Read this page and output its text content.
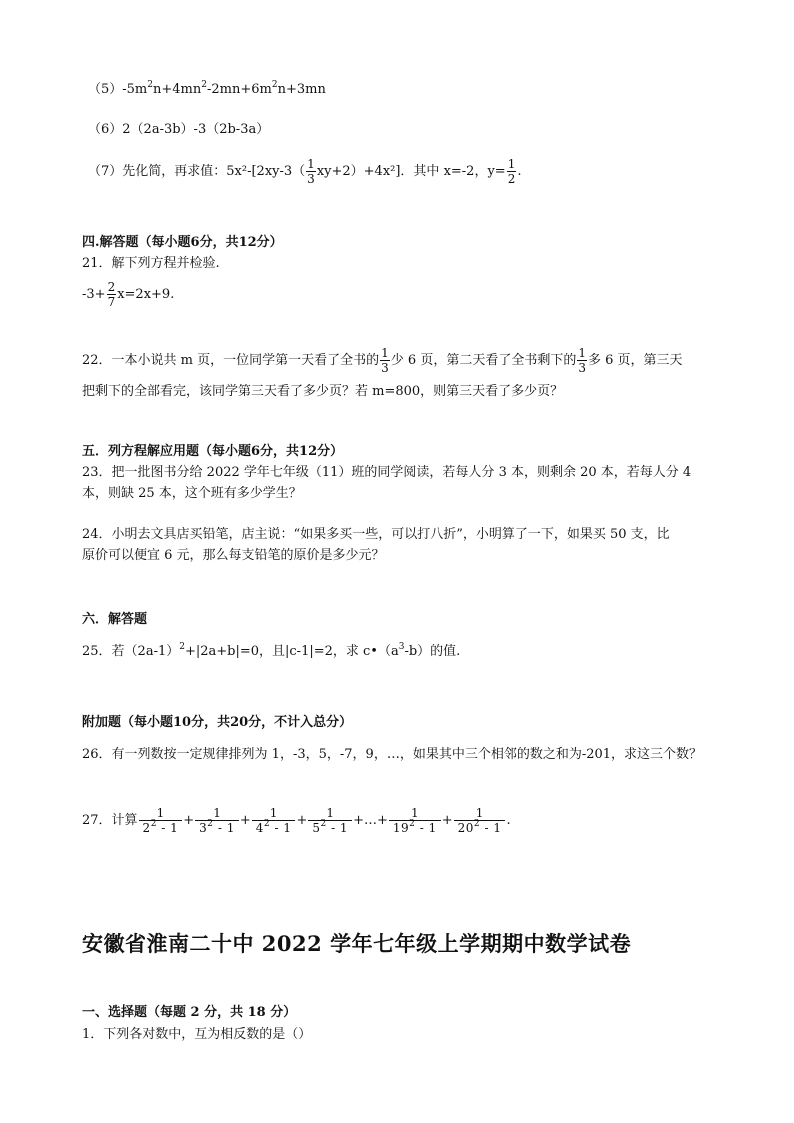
$(5)-5m^2n+4mn^2-2mn+6m^2n+3mn$
（6）2（2a-3b）-3（2b-3a）
（7）先化简，再求值：$5x^2-[2xy-3( \frac{1}{3} xy+2)+4x^2]$．其中 x=-2，$y= \frac{1}{2}$ .
四.解答题（每小题6分，共12分）
21．解下列方程并检验.
$-3+ \frac{2}{7} x=2x+9$.
22．一本小说共 m 页，一位同学第一天看了全书的 $\frac{1}{3}$ 少 6 页，第二天看了全书剩下的 $\frac{1}{3}$ 多 6 页，第三天
把剩下的全部看完，该同学第三天看了多少页？若 m=800，则第三天看了多少页？
五．列方程解应用题（每小题6分，共12分）
23．把一批图书分给 2022 学年七年级（11）班的同学阅读，若每人分 3 本，则剩余 20 本，若每人分 4
本，则缺 25 本，这个班有多少学生？
24．小明去文具店买铅笔，店主说：“如果多买一些，可以打八折”，小明算了一下，如果买 50 支，比
原价可以便宜 6 元，那么每支铅笔的原价是多少元？
六．解答题
25．若$(2a-1)^2+|2a+b|=0$，且|c-1|=2，求 $c•(a^3-b)$的值.
附加题（每小题10分，共20分，不计入总分）
26．有一列数按一定规律排列为 1，-3，5，-7，9，…，如果其中三个相邻的数之和为-201，求这三个数？
27．计算 $\frac{1}{2^2 - 1} + \frac{1}{3^2 - 1} + \frac{1}{4^2 - 1} + \frac{1}{5^2 - 1}$ +…+ $\frac{1}{19^2 - 1} + \frac{1}{20^2 - 1}$ .
安徽省淮南二十中 2022 学年七年级上学期期中数学试卷
一、选择题（每题 2 分，共 18 分）
1．下列各对数中，互为相反数的是（）
